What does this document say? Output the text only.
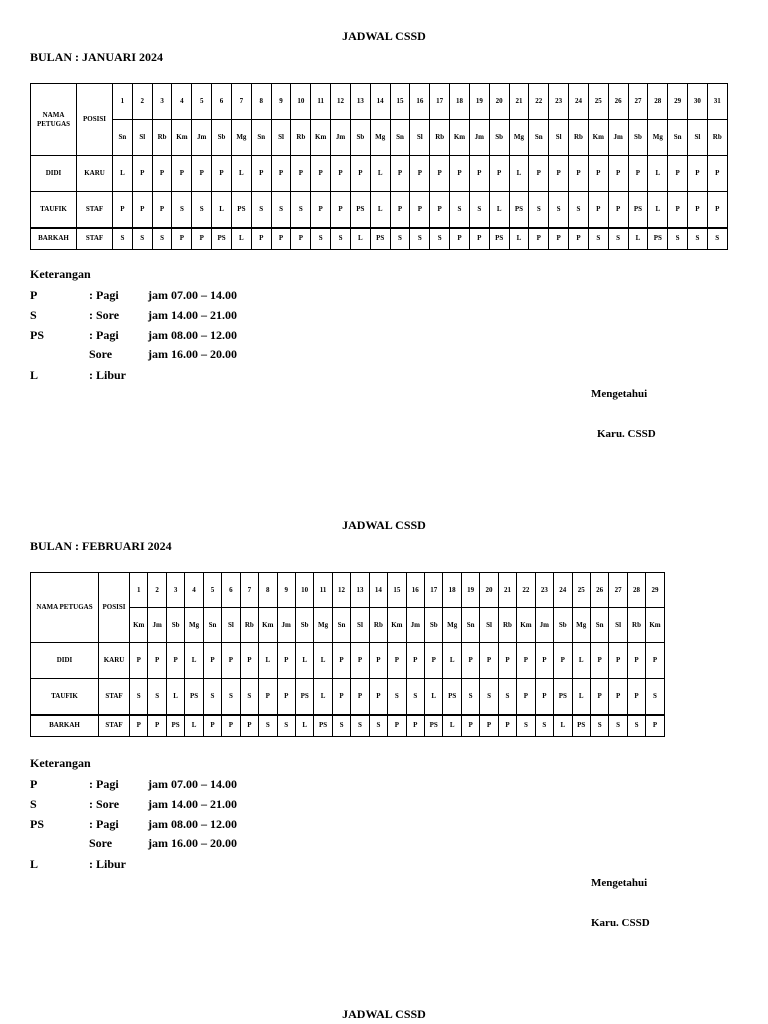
JADWAL CSSD
BULAN : JANUARI 2024
NAMA PETUGAS	POSISI	1	2	3	4	5	6	7	8	9	10	11	12	13	14	15	16	17	18	19	20	21	22	23	24	25	26	27	28	29	30	31
		Sn	Sl	Rb	Km	Jm	Sb	Mg	Sn	Sl	Rb	Km	Jm	Sb	Mg	Sn	Sl	Rb	Km	Jm	Sb	Mg	Sn	Sl	Rb	Km	Jm	Sb	Mg	Sn	Sl	Rb
DIDI	KARU	L	P	P	P	P	P	L	P	P	P	P	P	P	L	P	P	P	P	P	P	L	P	P	P	P	P	P	L	P	P	P
TAUFIK	STAF	P	P	P	S	S	L	PS	S	S	S	P	P	PS	L	P	P	P	S	S	L	PS	S	S	S	P	P	PS	L	P	P	P
BARKAH	STAF	S	S	S	P	P	PS	L	P	P	P	S	S	L	PS	S	S	S	P	P	PS	L	P	P	P	S	S	L	PS	S	S	S
Keterangan
P	: Pagi jam 07.00 – 14.00
S	: Sore jam 14.00 – 21.00
PS	: Pagi jam 08.00 – 12.00
Sore	jam 16.00 – 20.00
L	: Libur
Mengetahui
Karu. CSSD
JADWAL CSSD
BULAN : FEBRUARI 2024
NAMA PETUGAS	POSISI	1	2	3	4	5	6	7	8	9	10	11	12	13	14	15	16	17	18	19	20	21	22	23	24	25	26	27	28	29
		Km	Jm	Sb	Mg	Sn	Sl	Rb	Km	Jm	Sb	Mg	Sn	Sl	Rb	Km	Jm	Sb	Mg	Sn	Sl	Rb	Km	Jm	Sb	Mg	Sn	Sl	Rb	Km
DIDI	KARU	P	P	P	L	P	P	P	L	P	L	L	P	P	P	P	P	P	L	P	P	P	P	P	P	L	P	P	P	P
TAUFIK	STAF	S	S	L	PS	S	S	S	P	P	PS	L	P	P	P	S	S	L	PS	S	S	S	P	P	PS	L	P	P	P	S
BARKAH	STAF	P	P	PS	L	P	P	P	S	S	L	PS	S	S	S	P	P	PS	L	P	P	P	S	S	L	PS	S	S	S	P
Keterangan
P	: Pagi jam 07.00 – 14.00
S	: Sore jam 14.00 – 21.00
PS	: Pagi jam 08.00 – 12.00
Sore	jam 16.00 – 20.00
L	: Libur
Mengetahui
Karu. CSSD
JADWAL CSSD
